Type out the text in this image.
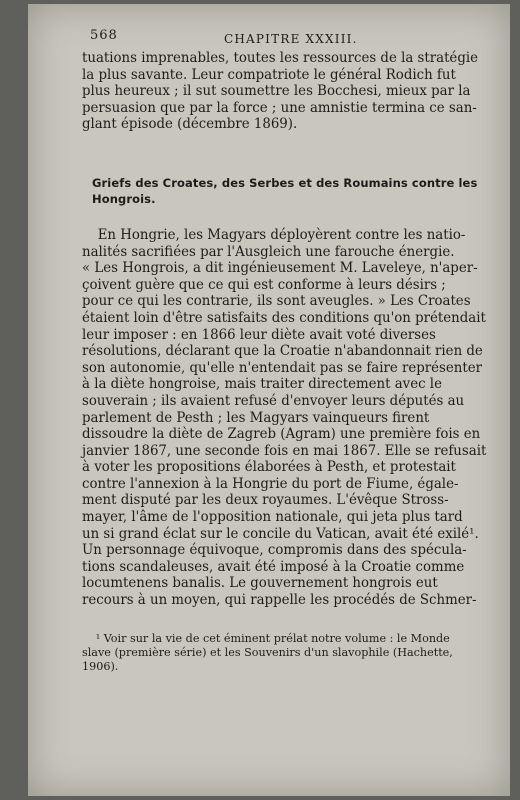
568	CHAPITRE XXXIII.

tuations imprenables, toutes les ressources de la stratégie
la plus savante. Leur compatriote le général Rodich fut
plus heureux ; il sut soumettre les Bocchesi, mieux par la
persuasion que par la force ; une amnistie termina ce san-
glant épisode (décembre 1869).

Griefs des Croates, des Serbes et des Roumains contre les
Hongrois.

En Hongrie, les Magyars déployèrent contre les natio-
nalités sacrifiées par l'Ausgleich une farouche énergie.
« Les Hongrois, a dit ingénieusement M. Laveleye, n'aper-
çoivent guère que ce qui est conforme à leurs désirs ;
pour ce qui les contrarie, ils sont aveugles. » Les Croates
étaient loin d'être satisfaits des conditions qu'on prétendait
leur imposer : en 1866 leur diète avait voté diverses
résolutions, déclarant que la Croatie n'abandonnait rien de
son autonomie, qu'elle n'entendait pas se faire représenter
à la diète hongroise, mais traiter directement avec le
souverain ; ils avaient refusé d'envoyer leurs députés au
parlement de Pesth ; les Magyars vainqueurs firent
dissoudre la diète de Zagreb (Agram) une première fois en
janvier 1867, une seconde fois en mai 1867. Elle se refusait
à voter les propositions élaborées à Pesth, et protestait
contre l'annexion à la Hongrie du port de Fiume, égale-
ment disputé par les deux royaumes. L'évêque Stross-
mayer, l'âme de l'opposition nationale, qui jeta plus tard
un si grand éclat sur le concile du Vatican, avait été exilé¹.
Un personnage équivoque, compromis dans des spécula-
tions scandaleuses, avait été imposé à la Croatie comme
locumtenens banalis. Le gouvernement hongrois eut
recours à un moyen, qui rappelle les procédés de Schmer-

¹ Voir sur la vie de cet éminent prélat notre volume : le Monde
slave (première série) et les Souvenirs d'un slavophile (Hachette,
1906).
